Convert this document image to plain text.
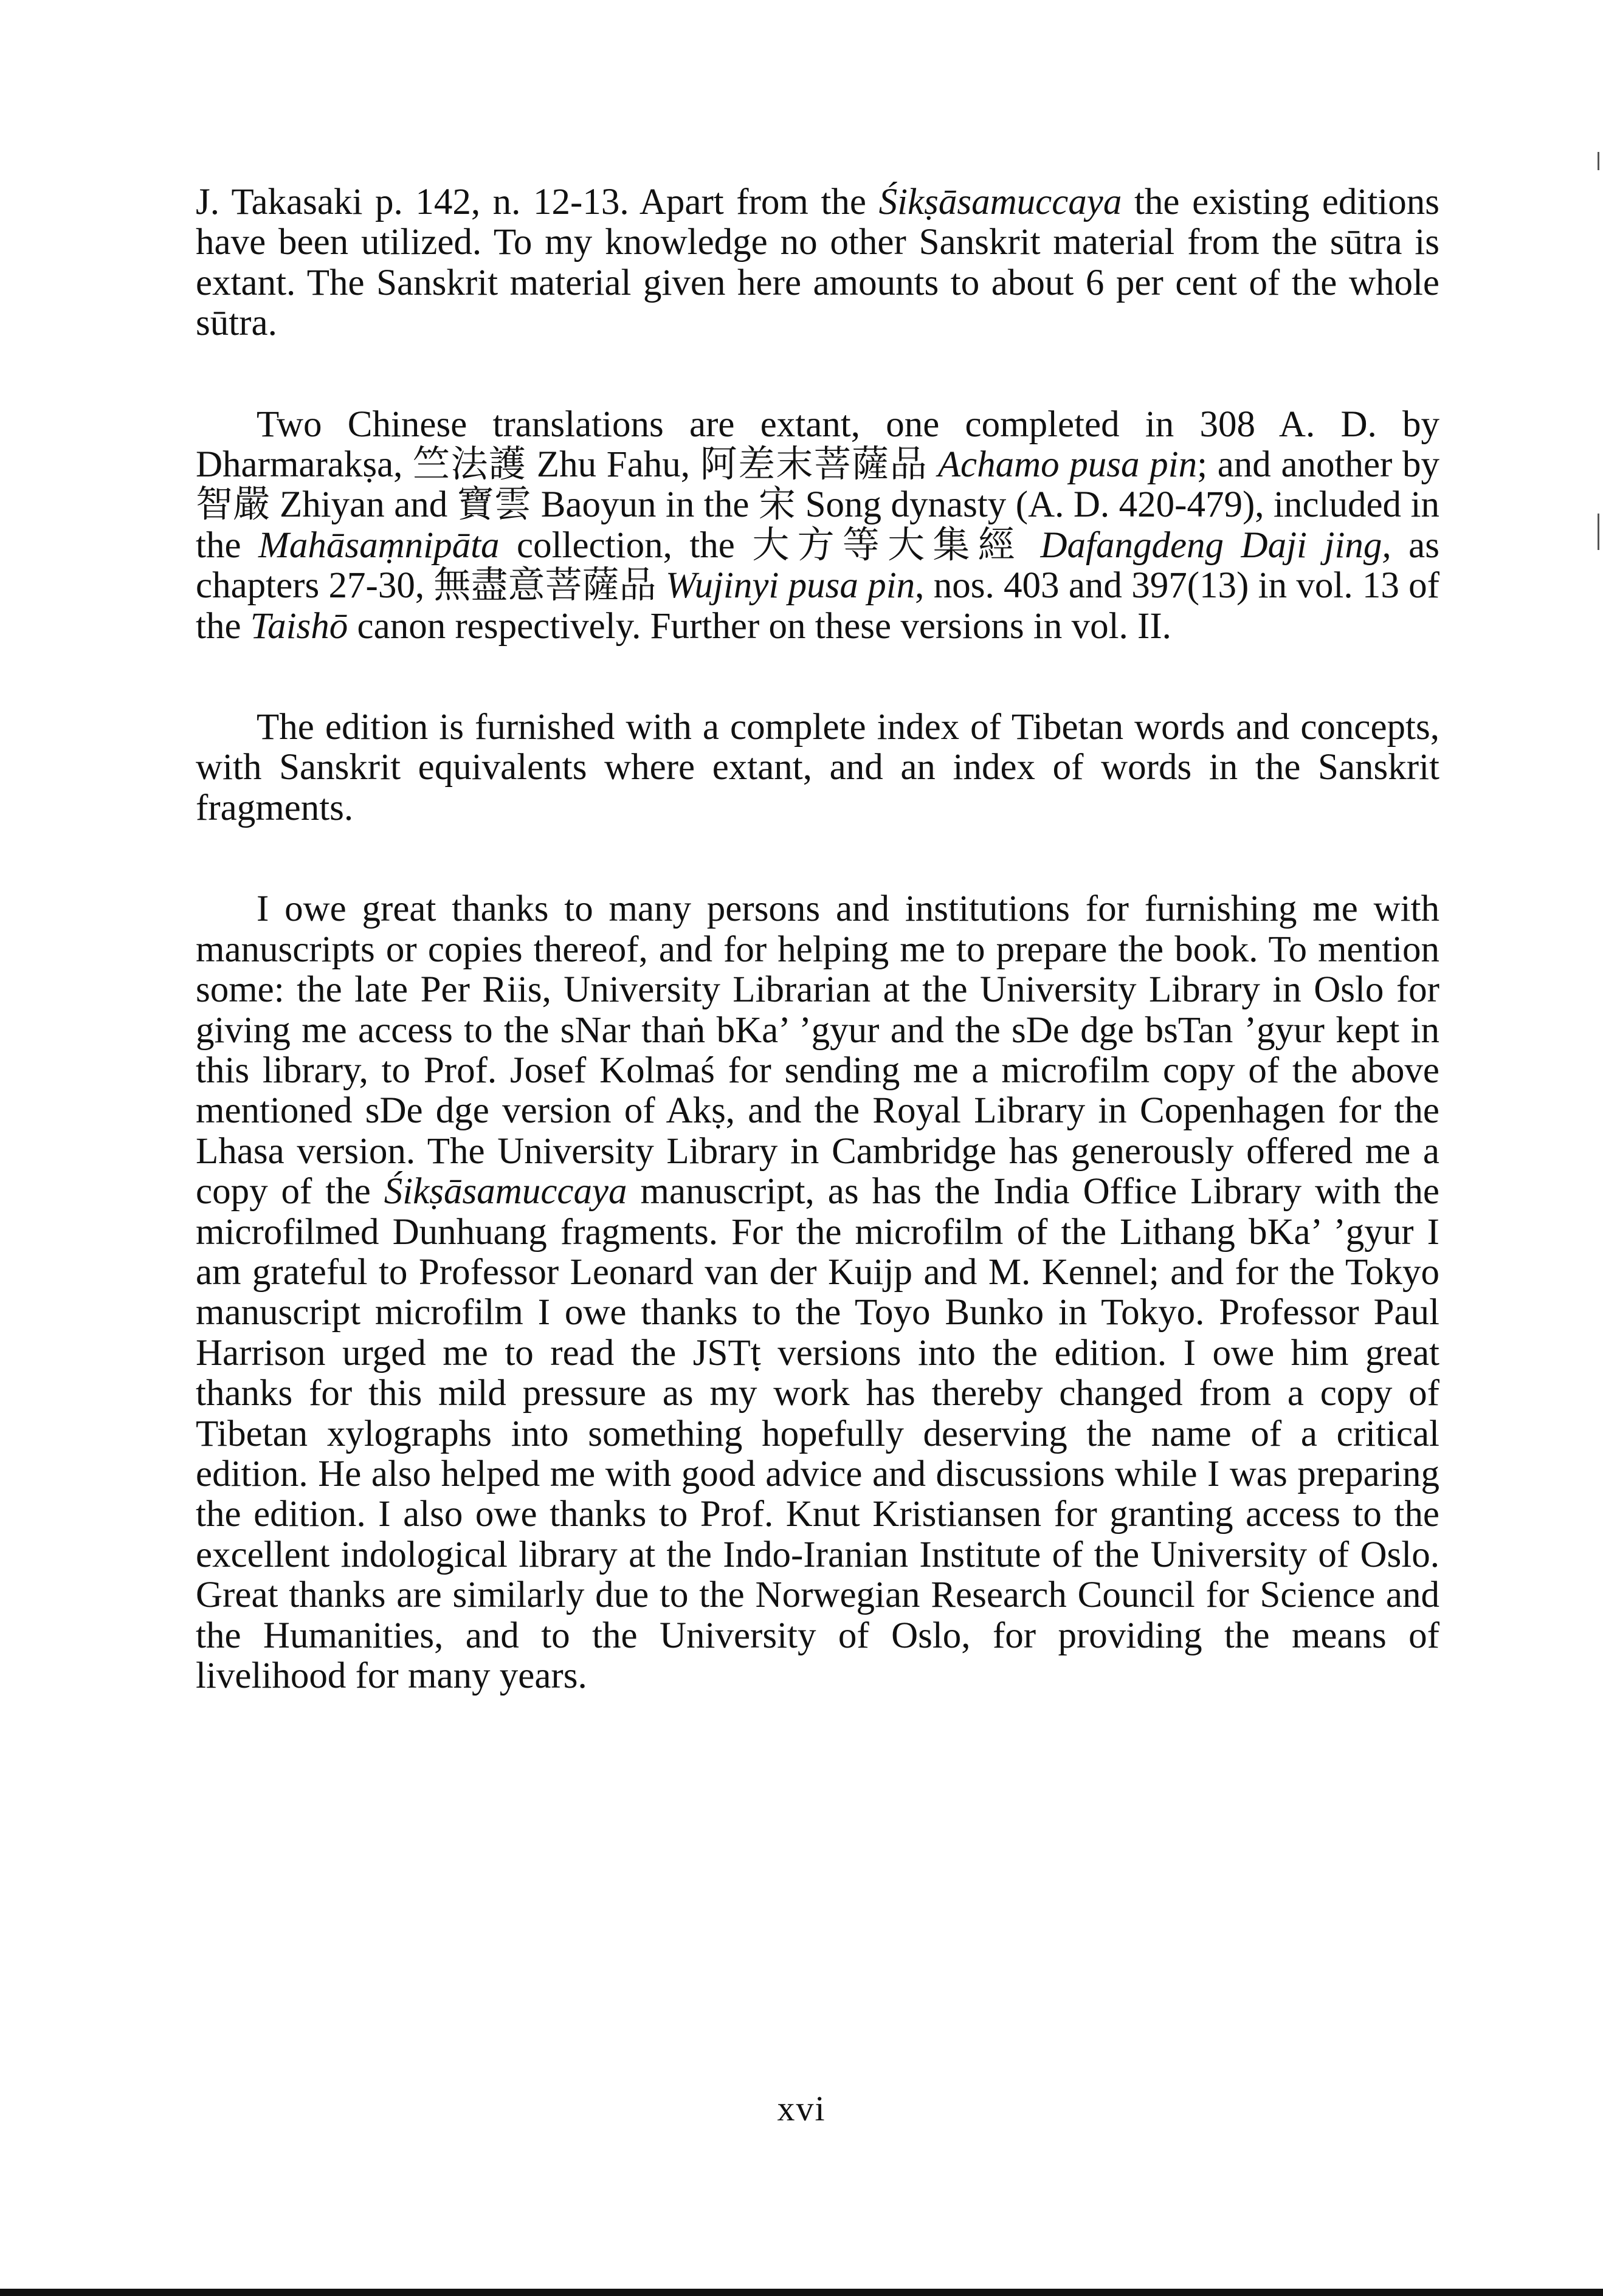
J. Takasaki p. 142, n. 12-13. Apart from the Śikṣāsamuccaya the existing editions have been utilized. To my knowledge no other Sanskrit material from the sūtra is extant. The Sanskrit material given here amounts to about 6 per cent of the whole sūtra.

Two Chinese translations are extant, one completed in 308 A. D. by Dharmarakṣa, 竺法護 Zhu Fahu, 阿差末菩薩品 Achamo pusa pin; and another by 智嚴 Zhiyan and 寶雲 Baoyun in the 宋 Song dynasty (A. D. 420-479), included in the Mahāsaṃnipāta collection, the 大方等大集經 Dafangdeng Daji jing, as chapters 27-30, 無盡意菩薩品 Wujinyi pusa pin, nos. 403 and 397(13) in vol. 13 of the Taishō canon respectively. Further on these versions in vol. II.

The edition is furnished with a complete index of Tibetan words and concepts, with Sanskrit equivalents where extant, and an index of words in the Sanskrit fragments.

I owe great thanks to many persons and institutions for furnishing me with manuscripts or copies thereof, and for helping me to prepare the book. To mention some: the late Per Riis, University Librarian at the University Library in Oslo for giving me access to the sNar thaṅ bKa’ ’gyur and the sDe dge bsTan ’gyur kept in this library, to Prof. Josef Kolmaś for sending me a microfilm copy of the above mentioned sDe dge version of Akṣ, and the Royal Library in Copenhagen for the Lhasa version. The University Library in Cambridge has generously offered me a copy of the Śikṣāsamuccaya manuscript, as has the India Office Library with the microfilmed Dunhuang fragments. For the microfilm of the Lithang bKa’ ’gyur I am grateful to Professor Leonard van der Kuijp and M. Kennel; and for the Tokyo manuscript microfilm I owe thanks to the Toyo Bunko in Tokyo. Professor Paul Harrison urged me to read the JSTṭ versions into the edition. I owe him great thanks for this mild pressure as my work has thereby changed from a copy of Tibetan xylographs into something hopefully deserving the name of a critical edition. He also helped me with good advice and discussions while I was preparing the edition. I also owe thanks to Prof. Knut Kristiansen for granting access to the excellent indological library at the Indo-Iranian Institute of the University of Oslo. Great thanks are similarly due to the Norwegian Research Council for Science and the Humanities, and to the University of Oslo, for providing the means of livelihood for many years.

xvi
